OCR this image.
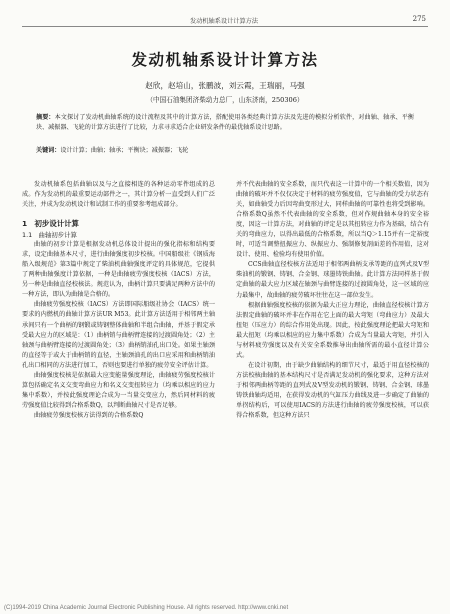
发动机轴系设计计算方法	275
发动机轴系设计计算方法
赵欣，赵培山，张鹏波，刘云霞，王瑞丽，马强
（中国石油集团济柴动力总厂，山东济南，250306）
摘要：本文探讨了发动机曲轴系统的设计流程及其中的计算方法，搭配使用各类经典计算方法及先进的模拟分析软件，对曲轴、轴承、平衡块、减振器、飞轮的计算方法进行了比较，力求寻求适合企业研发条件的最优轴系设计思路。
关键词：设计计算；曲轴；轴承；平衡块；减振器；飞轮

发动机轴系包括曲轴以及与之直接相连的各种运动零件组成的总成。作为发动机的最重要运动部件之一，其计算分析一直受到人们广泛关注，并成为发动机设计和试制工作的重要参考组成部分。

1　初步设计计算
1.1　曲轴初步计算

曲轴的初步计算是根据发动机总体设计提出的强化指标和结构要求，设定曲轴基本尺寸，进行曲轴强度初步校核。中国船级社《钢质海船入级规范》第3篇中规定了柴油机曲轴强度评定的具体规范，它提供了两种曲轴强度计算依据，一种是曲轴疲劳强度校核（IACS）方法，另一种是曲轴直径校核法。规范认为，曲柄计算只要满足两种方法中的一种方法，即认为曲轴是合格的。

曲轴疲劳强度校核（IACS）方法即国际船级社协会（IACS）统一要求的内燃机的曲轴计算方法UR M53。此计算方法适用于相邻两主轴承间只有一个曲柄的钢锻或铸钢整体曲轴和半组合曲轴，并基于假定承受最大应力的区域是：（1）曲柄销与曲柄臂连接的过渡圆角处；（2）主轴颈与曲柄臂连接的过渡圆角处；（3）曲柄销油孔出口处。如果主轴颈的直径等于或大于曲柄销的直径，主轴颈油孔的出口应采用和曲柄销油孔出口相同的方法进行加工，否则也要进行单独的疲劳安全评估计算。

曲轴强度校核是依据最大应变能量强度理论，曲轴疲劳强度校核计算包括确定名义交变弯曲应力和名义交变扭转应力（均乘以相应的应力集中系数），并按此强度理论合成为一当量交变应力，然后同材料的疲劳强度值比较得到合格系数Q，以判断曲轴尺寸是否足够。

曲轴疲劳强度校核方法得到的合格系数Q

并不代表曲轴的安全系数，而只代表这一计算中的一个相关数值，因为曲轴的破坏并不仅仅决定于材料的疲劳强度值，它与曲轴的受力状态有关，如曲轴受力后因弯曲变形过大，同样曲轴的可靠性也将受到影响。合格系数Q虽然不代表曲轴的安全系数，但对作规曲轴本身的安全裕度，因这一计算方法，对曲轴的评定是以其扭转应力作为基础，结合有关的弯曲应力，以得出最低的合格系数，所以当Q＞1.15并有一定裕度时，可适当调整扭振应力、纵振应力、强制修复剖面差的作用值，这对设计、使用、检验均有使用价值。

CCS曲轴直径校核方法适用于相邻两曲柄支承等距的直列式及V型柴油机的锻钢、铸钢、合金钢、球墨铸铁曲轴。此计算方法同样基于假定曲轴的最大应力区域在轴颈与曲臂连接的过渡圆角处，这一区域的应力最集中，故曲轴的疲劳破坏往往在这一部位发生。

根据曲轴强度校核的依据为最大正应力理论，曲轴直径校核计算方法假定曲轴的破坏并非在作用在它上面的最大弯矩（弯曲应力）及最大扭矩（压应力）的综合作用处出现。因此，按此强度理论把最大弯矩和最大扭矩（均乘以相应的应力集中系数）合成为当量最大弯矩，并引入与材料疲劳强度以及有关安全系数推导出曲轴所需的最小直径计算公式。

在设计初期，由于缺少曲轴结构的细节尺寸，最适于用直径校核的方法校核曲轴的基本结构尺寸是否满足发动机的强化要求，这种方法对于相邻两曲柄等距的直列式及V型发动机的锻钢、铸钢、合金钢、球墨铸铁曲轴均适用，在获得发动机的气缸压力曲线及进一步确定了曲轴的单拐结构后，可以使用IACS的方法进行曲轴的疲劳强度校核，可以获得合格系数，但这种方法只

(C)1994-2019 China Academic Journal Electronic Publishing House. All rights reserved. http://www.cnki.net
